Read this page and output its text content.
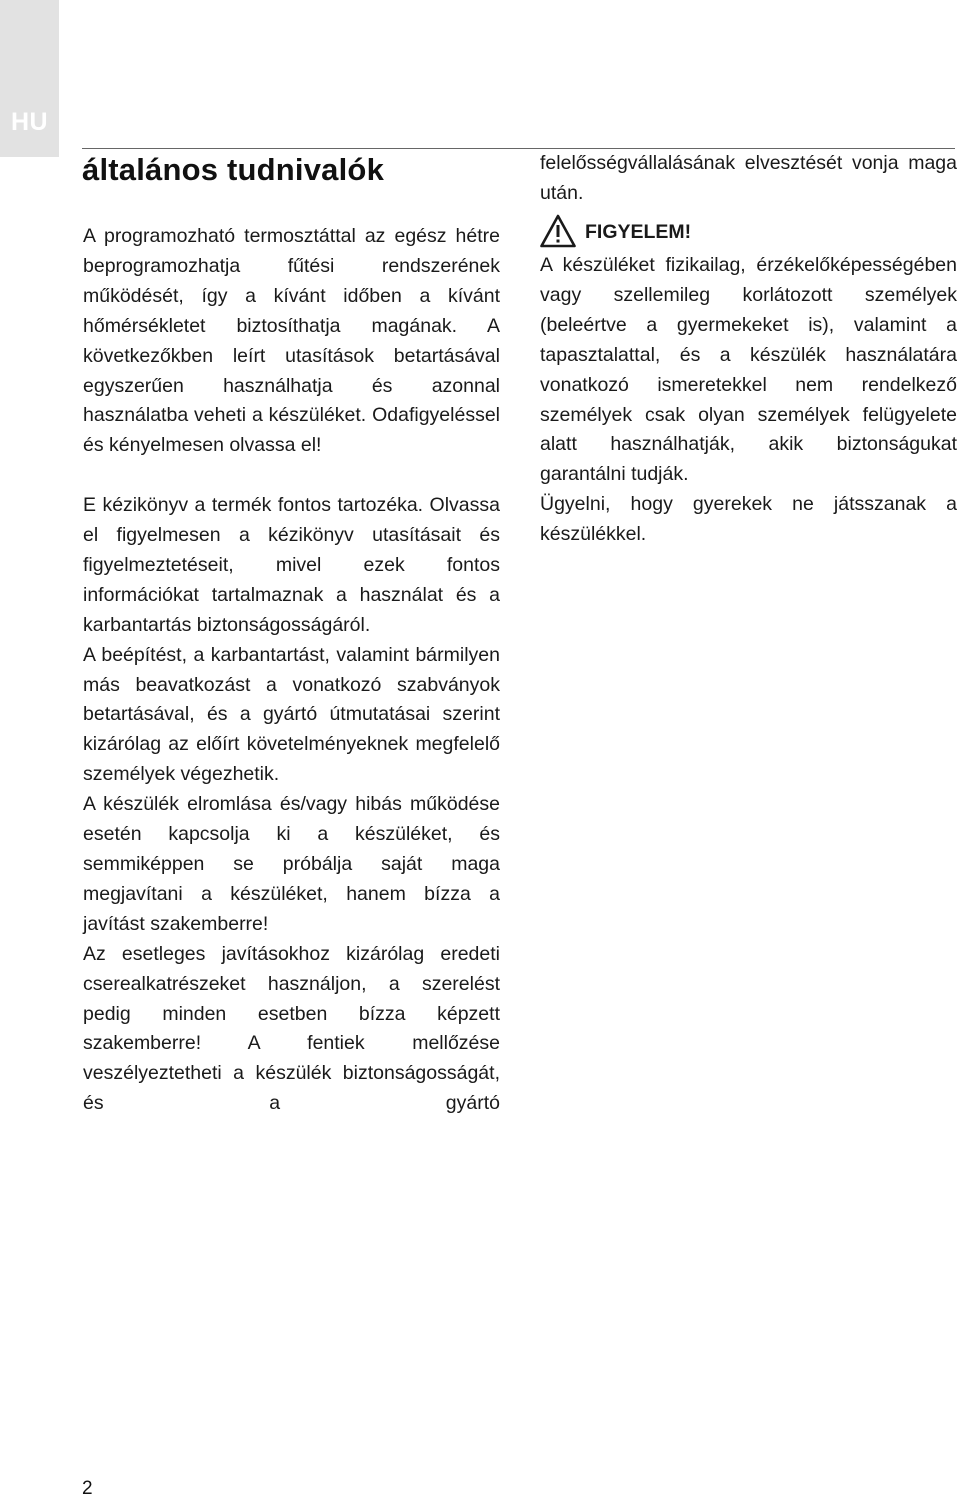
HU
általános tudnivalók

A programozható termosztáttal az egész hétre beprogramozhatja fűtési rendszerének működését, így a kívánt időben a kívánt hőmérsékletet biztosíthatja magának. A következőkben leírt utasítások betartásával egyszerűen használhatja és azonnal használatba veheti a készüléket. Odafigyeléssel és kényelmesen olvassa el!

E kézikönyv a termék fontos tartozéka. Olvassa el figyelmesen a kézikönyv utasításait és figyelmeztetéseit, mivel ezek fontos információkat tartalmaznak a használat és a karbantartás biztonságosságáról.

A beépítést, a karbantartást, valamint bármilyen más beavatkozást a vonatkozó szabványok betartásával, és a gyártó útmutatásai szerint kizárólag az előírt követelményeknek megfelelő személyek végezhetik.

A készülék elromlása és/vagy hibás működése esetén kapcsolja ki a készüléket, és semmiképpen se próbálja saját maga megjavítani a készüléket, hanem bízza a javítást szakemberre!

Az esetleges javításokhoz kizárólag eredeti cserealkatrészeket használjon, a szerelést pedig minden esetben bízza képzett szakemberre! A fentiek mellőzése veszélyeztetheti a készülék biztonságosságát, és a gyártó

felelősségvállalásának elvesztését vonja maga után.

FIGYELEM!

A készüléket fizikailag, érzékelőképességében vagy szellemileg korlátozott személyek (beleértve a gyermekeket is), valamint a tapasztalattal, és a készülék használatára vonatkozó ismeretekkel nem rendelkező személyek csak olyan személyek felügyelete alatt használhatják, akik biztonságukat garantálni tudják.

Ügyelni, hogy gyerekek ne játsszanak a készülékkel.

2
